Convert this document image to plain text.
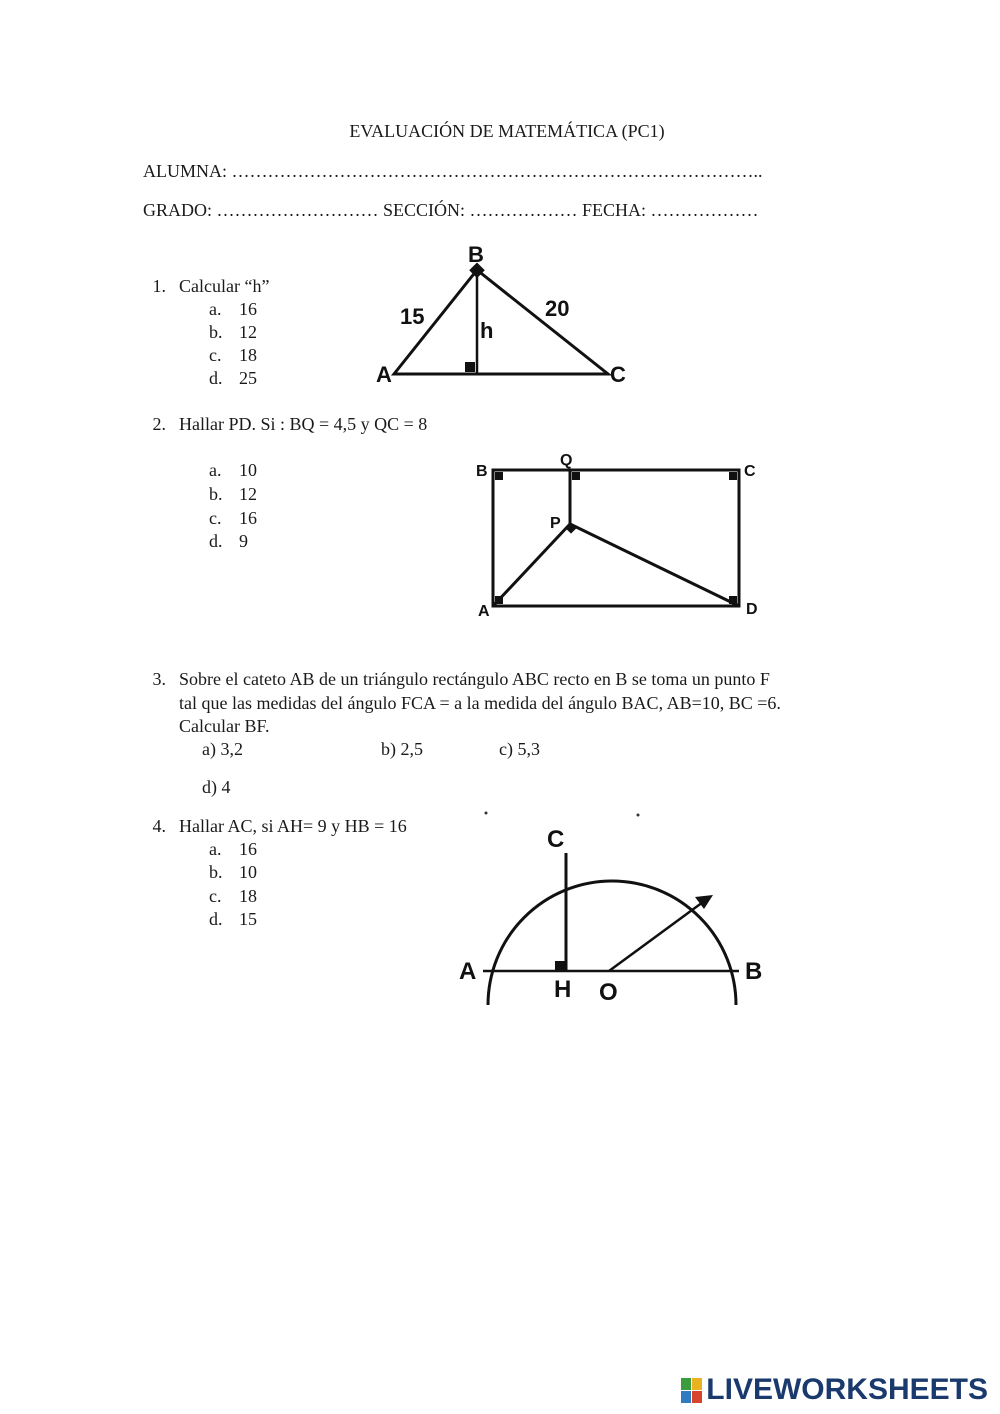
EVALUACIÓN DE MATEMÁTICA (PC1)
ALUMNA: ……………………………………………………………………………..
GRADO: ……………………… SECCIÓN: ……………… FECHA: ………………
1. Calcular “h”
a. 16
b. 12
c. 18
d. 25
B
A	C
15	20
h
2. Hallar PD. Si : BQ = 4,5 y QC = 8
a. 10
b. 12
c. 16
d. 9
B
Q
C
P
A	D
3. Sobre el cateto AB de un triángulo rectángulo ABC recto en B se toma un punto F
tal que las medidas del ángulo FCA = a la medida del ángulo BAC, AB=10, BC =6.
Calcular BF.
a) 3,2	b) 2,5	c) 5,3
d) 4
4. Hallar AC, si AH= 9 y HB = 16
a. 16
b. 10
c. 18
d. 15
C
A
H O
B
LIVEWORKSHEETS
